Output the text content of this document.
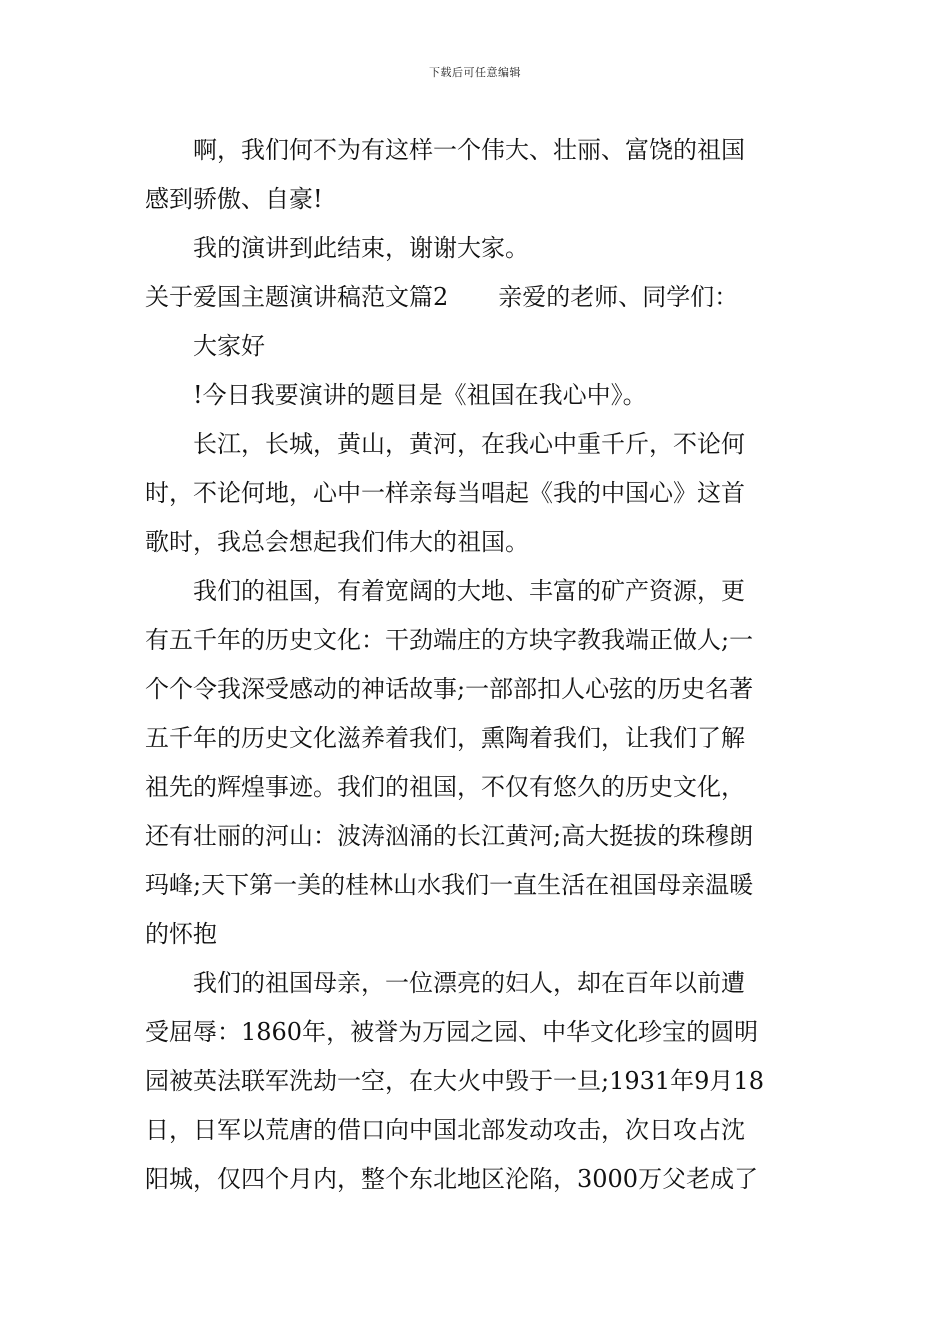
下载后可任意编辑
啊，我们何不为有这样一个伟大、壮丽、富饶的祖国
感到骄傲、自豪!
我的演讲到此结束，谢谢大家。
关于爱国主题演讲稿范文篇2 亲爱的老师、同学们：
大家好
!今日我要演讲的题目是《祖国在我心中》。
长江，长城，黄山，黄河，在我心中重千斤，不论何
时，不论何地，心中一样亲每当唱起《我的中国心》这首
歌时，我总会想起我们伟大的祖国。
我们的祖国，有着宽阔的大地、丰富的矿产资源，更
有五千年的历史文化：干劲端庄的方块字教我端正做人;一
个个令我深受感动的神话故事;一部部扣人心弦的历史名著
五千年的历史文化滋养着我们，熏陶着我们，让我们了解
祖先的辉煌事迹。我们的祖国，不仅有悠久的历史文化，
还有壮丽的河山：波涛汹涌的长江黄河;高大挺拔的珠穆朗
玛峰;天下第一美的桂林山水我们一直生活在祖国母亲温暖
的怀抱
我们的祖国母亲，一位漂亮的妇人，却在百年以前遭
受屈辱：1860年，被誉为万园之园、中华文化珍宝的圆明
园被英法联军洗劫一空，在大火中毁于一旦;1931年9月18
日，日军以荒唐的借口向中国北部发动攻击，次日攻占沈
阳城，仅四个月内，整个东北地区沦陷，3000万父老成了
